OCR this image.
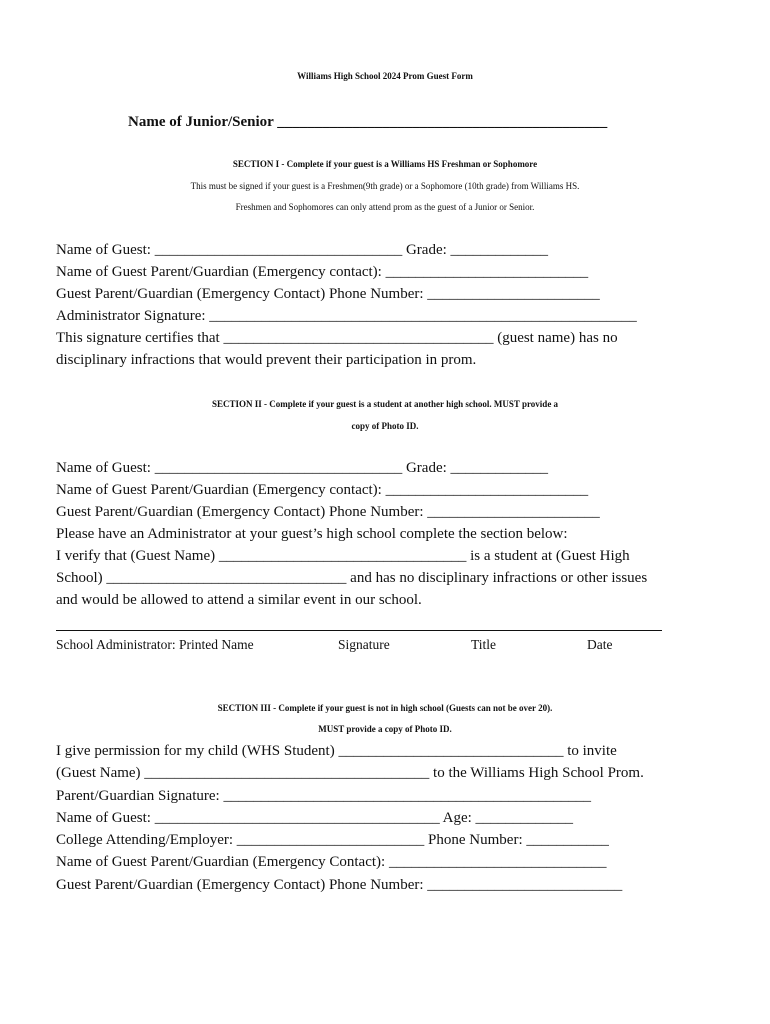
Williams High School 2024 Prom Guest Form
Name of Junior/Senior ____________________________________________
SECTION I - Complete if your guest is a Williams HS Freshman or Sophomore
This must be signed if your guest is a Freshmen(9th grade) or a Sophomore (10th grade) from Williams HS.
Freshmen and Sophomores can only attend prom as the guest of a Junior or Senior.
Name of Guest: _________________________________ Grade: _____________
Name of Guest Parent/Guardian (Emergency contact): ___________________________
Guest Parent/Guardian (Emergency Contact) Phone Number: _______________________
Administrator Signature: _________________________________________________________
This signature certifies that ____________________________________ (guest name) has no
disciplinary infractions that would prevent their participation in prom.
SECTION II - Complete if your guest is a student at another high school. MUST provide a
copy of Photo ID.
Name of Guest: _________________________________ Grade: _____________
Name of Guest Parent/Guardian (Emergency contact): ___________________________
Guest Parent/Guardian (Emergency Contact) Phone Number: _______________________
Please have an Administrator at your guest’s high school complete the section below:
I verify that (Guest Name) _________________________________ is a student at (Guest High
School) ________________________________ and has no disciplinary infractions or other issues
and would be allowed to attend a similar event in our school.
School Administrator: Printed Name	Signature	Title	Date
SECTION III - Complete if your guest is not in high school (Guests can not be over 20).
MUST provide a copy of Photo ID.
I give permission for my child (WHS Student) ______________________________ to invite
(Guest Name) ______________________________________ to the Williams High School Prom.
Parent/Guardian Signature: _________________________________________________
Name of Guest: ______________________________________ Age: _____________
College Attending/Employer: _________________________ Phone Number: ___________
Name of Guest Parent/Guardian (Emergency Contact): _____________________________
Guest Parent/Guardian (Emergency Contact) Phone Number: __________________________
